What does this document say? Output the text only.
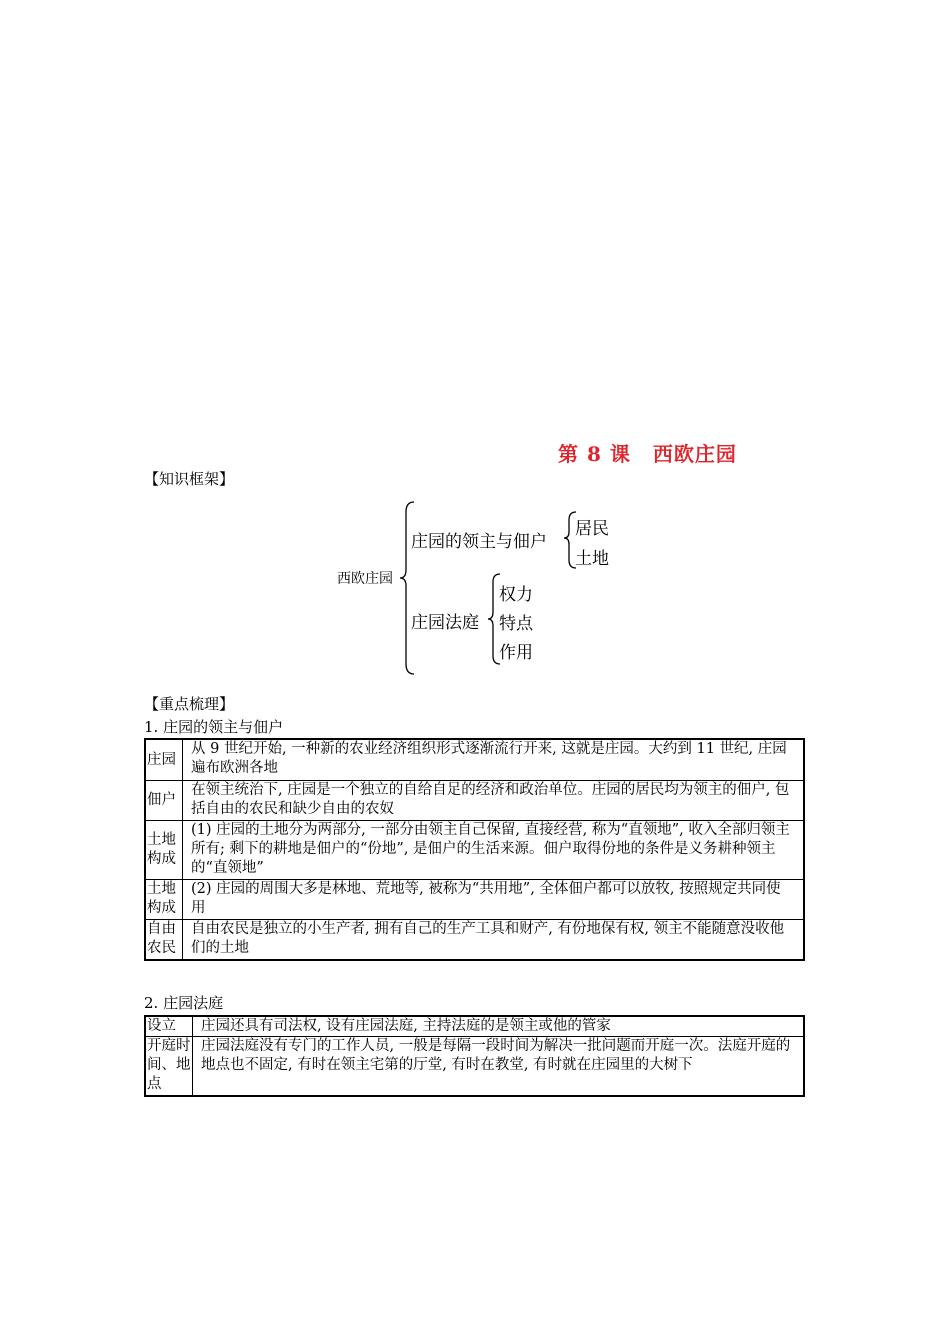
第 8 课 西欧庄园
【知识框架】
西欧庄园
庄园的领主与佃户
居民
土地
庄园法庭
权力
特点
作用
【重点梳理】
1. 庄园的领主与佃户
庄园	从 9 世纪开始, 一种新的农业经济组织形式逐渐流行开来, 这就是庄园。大约到 11 世纪, 庄园遍布欧洲各地
佃户	在领主统治下, 庄园是一个独立的自给自足的经济和政治单位。庄园的居民均为领主的佃户, 包括自由的农民和缺少自由的农奴
土地构成	(1) 庄园的土地分为两部分, 一部分由领主自己保留, 直接经营, 称为“直领地”, 收入全部归领主所有; 剩下的耕地是佃户的“份地”, 是佃户的生活来源。佃户取得份地的条件是义务耕种领主的“直领地”
土地构成	(2) 庄园的周围大多是林地、荒地等, 被称为“共用地”, 全体佃户都可以放牧, 按照规定共同使用
自由农民	自由农民是独立的小生产者, 拥有自己的生产工具和财产, 有份地保有权, 领主不能随意没收他们的土地
2. 庄园法庭
设立	庄园还具有司法权, 设有庄园法庭, 主持法庭的是领主或他的管家
开庭时间、地点	庄园法庭没有专门的工作人员, 一般是每隔一段时间为解决一批问题而开庭一次。法庭开庭的地点也不固定, 有时在领主宅第的厅堂, 有时在教堂, 有时就在庄园里的大树下
